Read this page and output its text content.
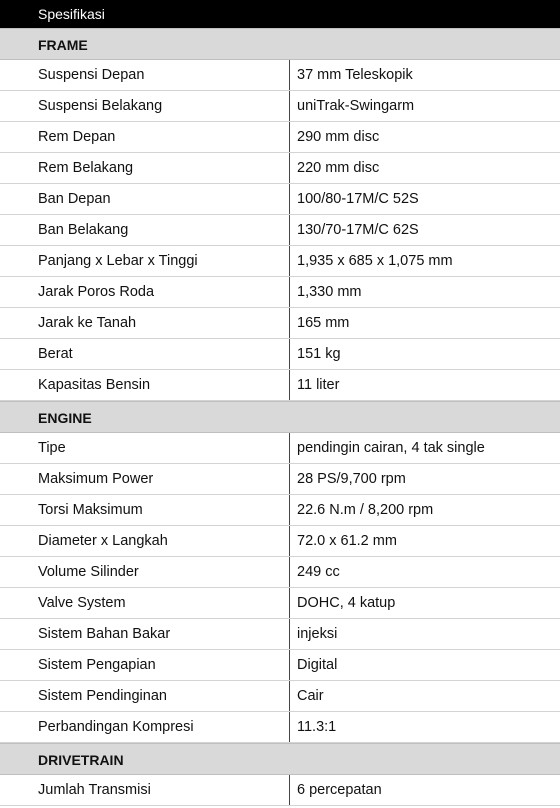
Spesifikasi
FRAME
Suspensi Depan	37 mm Teleskopik
Suspensi Belakang	uniTrak-Swingarm
Rem Depan	290 mm disc
Rem Belakang	220 mm disc
Ban Depan	100/80-17M/C 52S
Ban Belakang	130/70-17M/C 62S
Panjang x Lebar x Tinggi	1,935 x 685 x 1,075 mm
Jarak Poros Roda	1,330 mm
Jarak ke Tanah	165 mm
Berat	151 kg
Kapasitas Bensin	11 liter
ENGINE
Tipe	pendingin cairan, 4 tak single
Maksimum Power	28 PS/9,700 rpm
Torsi Maksimum	22.6 N.m / 8,200 rpm
Diameter x Langkah	72.0 x 61.2 mm
Volume Silinder	249 cc
Valve System	DOHC, 4 katup
Sistem Bahan Bakar	injeksi
Sistem Pengapian	Digital
Sistem Pendinginan	Cair
Perbandingan Kompresi	11.3:1
DRIVETRAIN
Jumlah Transmisi	6 percepatan
